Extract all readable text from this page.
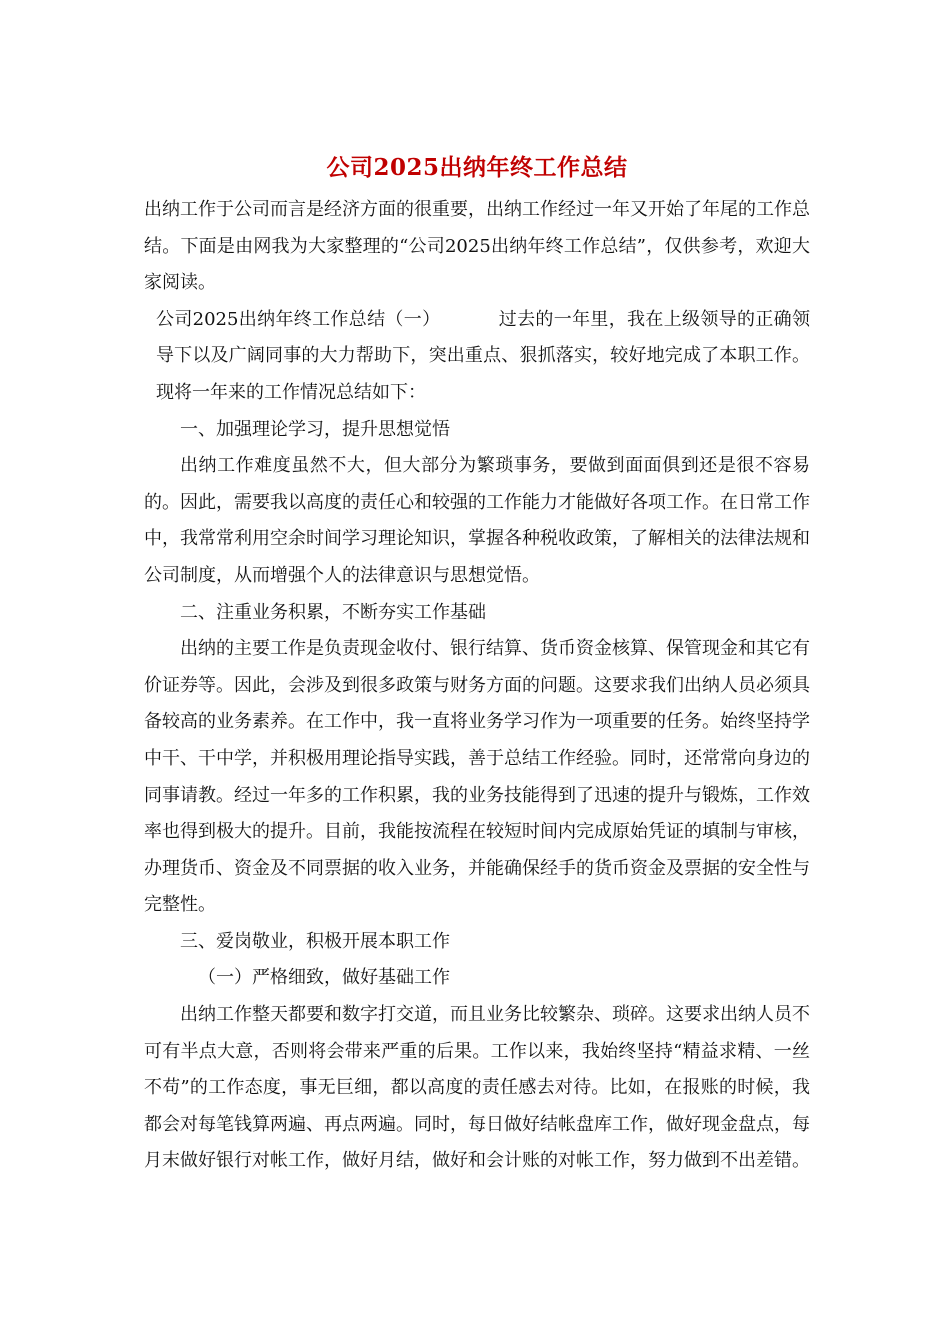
公司2025出纳年终工作总结

出纳工作于公司而言是经济方面的很重要，出纳工作经过一年又开始了年尾的工作总结。下面是由网我为大家整理的“公司2025出纳年终工作总结”，仅供参考，欢迎大家阅读。

公司2025出纳年终工作总结（一）	过去的一年里，我在上级领导的正确领导下以及广阔同事的大力帮助下，突出重点、狠抓落实，较好地完成了本职工作。现将一年来的工作情况总结如下：

一、加强理论学习，提升思想觉悟

出纳工作难度虽然不大，但大部分为繁琐事务，要做到面面俱到还是很不容易的。因此，需要我以高度的责任心和较强的工作能力才能做好各项工作。在日常工作中，我常常利用空余时间学习理论知识，掌握各种税收政策，了解相关的法律法规和公司制度，从而增强个人的法律意识与思想觉悟。

二、注重业务积累，不断夯实工作基础

出纳的主要工作是负责现金收付、银行结算、货币资金核算、保管现金和其它有价证券等。因此，会涉及到很多政策与财务方面的问题。这要求我们出纳人员必须具备较高的业务素养。在工作中，我一直将业务学习作为一项重要的任务。始终坚持学中干、干中学，并积极用理论指导实践，善于总结工作经验。同时，还常常向身边的同事请教。经过一年多的工作积累，我的业务技能得到了迅速的提升与锻炼，工作效率也得到极大的提升。目前，我能按流程在较短时间内完成原始凭证的填制与审核，办理货币、资金及不同票据的收入业务，并能确保经手的货币资金及票据的安全性与完整性。

三、爱岗敬业，积极开展本职工作

（一）严格细致，做好基础工作

出纳工作整天都要和数字打交道，而且业务比较繁杂、琐碎。这要求出纳人员不可有半点大意，否则将会带来严重的后果。工作以来，我始终坚持“精益求精、一丝不苟”的工作态度，事无巨细，都以高度的责任感去对待。比如，在报账的时候，我都会对每笔钱算两遍、再点两遍。同时，每日做好结帐盘库工作，做好现金盘点，每月末做好银行对帐工作，做好月结，做好和会计账的对帐工作，努力做到不出差错。
